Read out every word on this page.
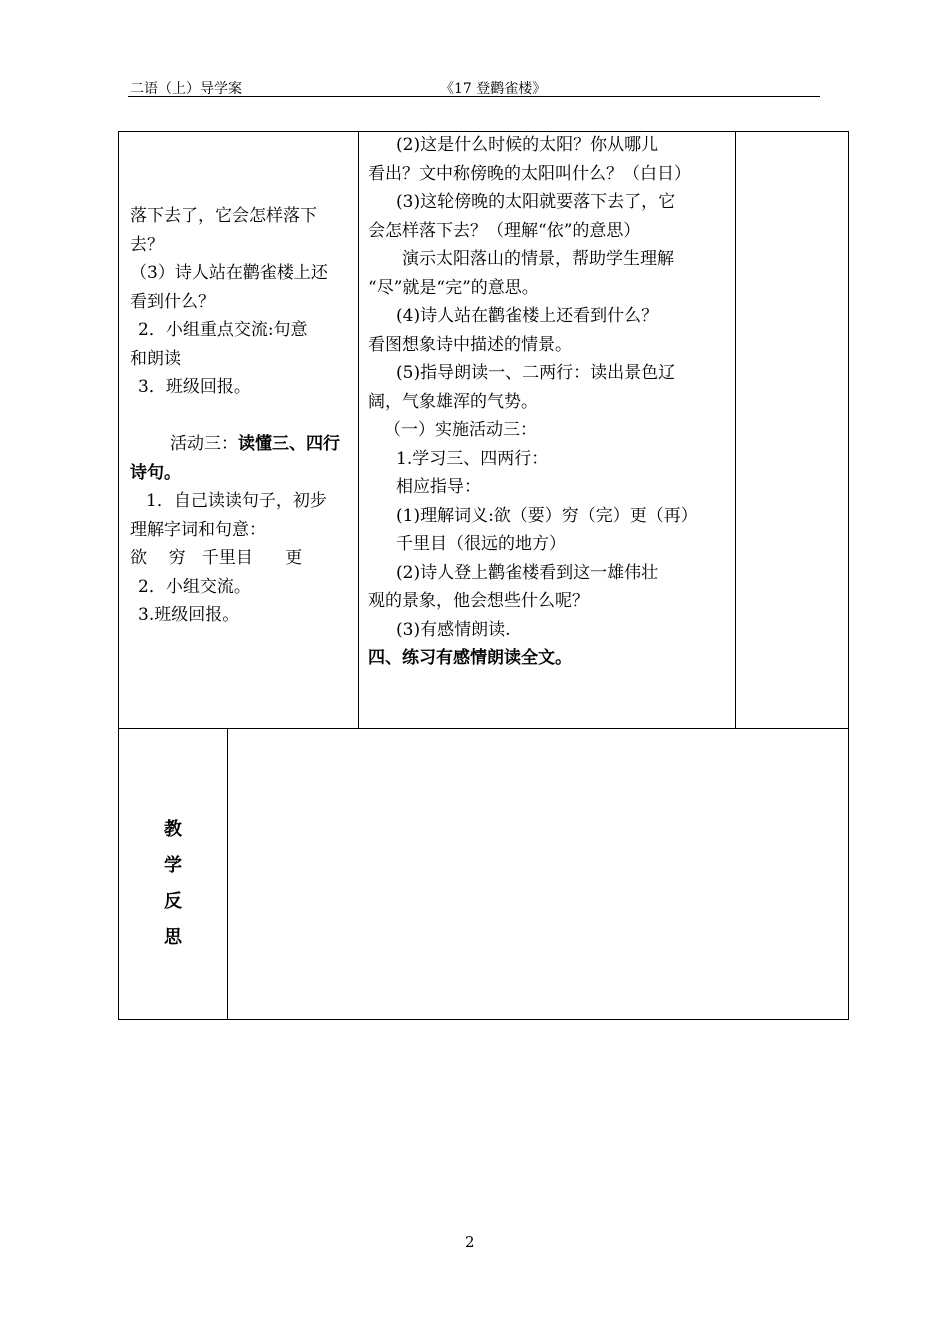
二语（上）导学案	《17 登鹳雀楼》
落下去了，它会怎样落下
去？
（3）诗人站在鹳雀楼上还
看到什么？
2．小组重点交流:句意
和朗读
3．班级回报。
活动三：读懂三、四行
诗句。
1．自己读读句子，初步
理解字词和句意：
欲    穷   千里目      更
2．小组交流。
3.班级回报。
(2)这是什么时候的太阳？你从哪儿
看出？文中称傍晚的太阳叫什么？（白日）
(3)这轮傍晚的太阳就要落下去了，它
会怎样落下去？（理解“依”的意思）
演示太阳落山的情景，帮助学生理解
“尽”就是“完”的意思。
(4)诗人站在鹳雀楼上还看到什么？
看图想象诗中描述的情景。
(5)指导朗读一、二两行：读出景色辽
阔，气象雄浑的气势。
（一）实施活动三：
1.学习三、四两行：
相应指导：
(1)理解词义:欲（要）穷（完）更（再）
千里目（很远的地方）
(2)诗人登上鹳雀楼看到这一雄伟壮
观的景象，他会想些什么呢？
(3)有感情朗读.
四、练习有感情朗读全文。
教
学
反
思
2
